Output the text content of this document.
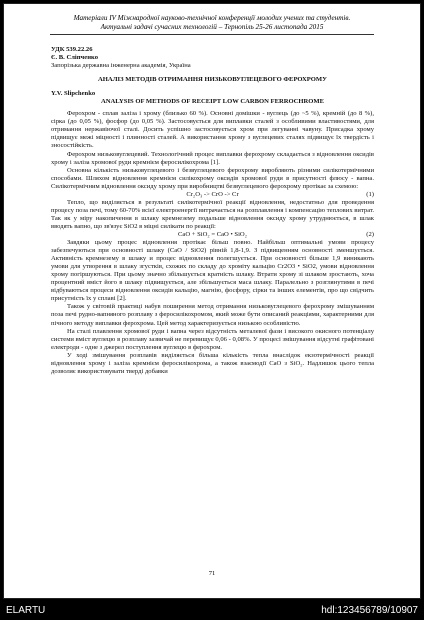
Матеріали IV Міжнародної науково-технічної конференції молодих учених та студентів.
Актуальні задачі сучасних технологій – Тернопіль 25-26 листопада 2015
УДК 539.22.26
Є. В. Сліпченко
Запорізька державна інженерна академія, Україна
АНАЛІЗ МЕТОДІВ ОТРИМАННЯ НИЗЬКОВУГЛЕЦЕВОГО ФЕРОХРОМУ
Y.V. Slipchenko
ANALYSIS OF METHODS OF RECEIPT LOW CARBON FERROCHROME

Ферохром - сплав заліза і хрому (близько 60 %). Основні домішки - вуглець (до ~5 %), кремній (до 8 %), сірка (до 0,05 %), фосфор (до 0,05 %). Застосовується для виплавки сталей з особливими властивостями, для отримання нержавіючої сталі. Досить успішно застосовується хром при легуванні чавуну. Присадка хрому підвищує межі міцності і плинності сталей. А використання хрому з вуглецевих сталях підвищує їх твердість і зносостійкість.

Ферохром низьковуглецевий. Технологічний процес виплавки ферохрому складається з відновлення оксидів хрому і заліза хромової руди кремнієм феросилікохрома [1].

Основна кількість низьковуглецевого і безвуглецевого ферохрому виробляють різними силікотермічними способами. Шляхом відновлення кремнієм силікохрому оксидів хромової руди в присутності флюсу - вапна. Силікотермічним відновлення оксиду хрому при виробництві безвуглецевого ферохрому протікає за схемою:

Cr₂O₃ -> CrO -> Cr	(1)

Тепло, що виділяється в результаті силікотермічної реакції відновлення, недостатньо для проведення процесу поза печі, тому 60-70% всієї електроенергії витрачається на розплавлення і компенсацію теплових витрат. Так як у міру накопичення в шлаку кремнезему подальше відновлення оксиду хрому утруднюється, в шлак вводять вапно, що зв'язує SiO2 в міцні силікати по реакції:

CaO + SiO₂ = CaO • SiO₂	(2)

Завдяки цьому процес відновлення протікає більш повно. Найбільш оптимальні умови процесу забезпечуються при основності шлаку (CaO / SiO2) рівній 1,8-1,9. З підвищенням основності зменшується. Активність кремнезему в шлаку и процес відновлення полегшується. При основності більше 1,9 виникають умови для утворення в шлаку згустків, схожих по складу до хроміту кальцію Cr2O3 • SiO2, умови відновлення хрому погіршуються. При цьому значно збільшується кратність шлаку. Втрати хрому зі шлаком зростають, хоча процентний вміст його в шлаку підвищується, але збільшується маса шлаку. Паралельно з розглянутими в печі відбуваються процеси відновлення оксидів кальцію, магнію, фосфору, сірки та інших елементів, про що свідчить присутність їх у сплаві [2].

Також у світовій практиці набув поширення метод отримання низьковуглецевого ферохрому змішуванням поза печі рудно-вапняного розплаву з феросилікохромом, який може бути описаний реакціями, характерними для пічного методу виплавки ферохрома. Цей метод характеризується низькою особливістю.

На сталі плавлення хромової руди і вапна через відсутність металевої фази і високого окисного потенціалу системи вміст вуглецю в розплаву зазвичай не перевищує 0,06 - 0,08%. У процесі змішування відсутні графітовані електроди - одне з джерел поступлення вуглецю в ферохром.

У ході змішування розплавів виділяється більша кількість тепла внаслідок екзотермічності реакції відновлення хрому і заліза кремнієм феросилікохрома, а також взаємодії CaO з SiO₂. Надлишок цього тепла дозволяє використовувати тверді добавки

71
ELARTU	hdl:123456789/10907
